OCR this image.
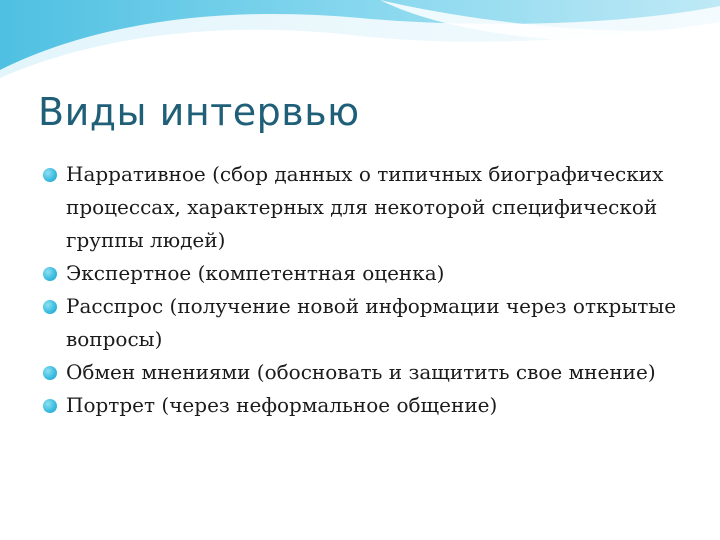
Виды интервью
Нарративное (сбор данных о типичных биографических процессах, характерных для некоторой специфической группы людей)
Экспертное (компетентная оценка)
Расспрос (получение новой информации через открытые вопросы)
Обмен мнениями (обосновать и защитить свое мнение)
Портрет (через неформальное общение)
